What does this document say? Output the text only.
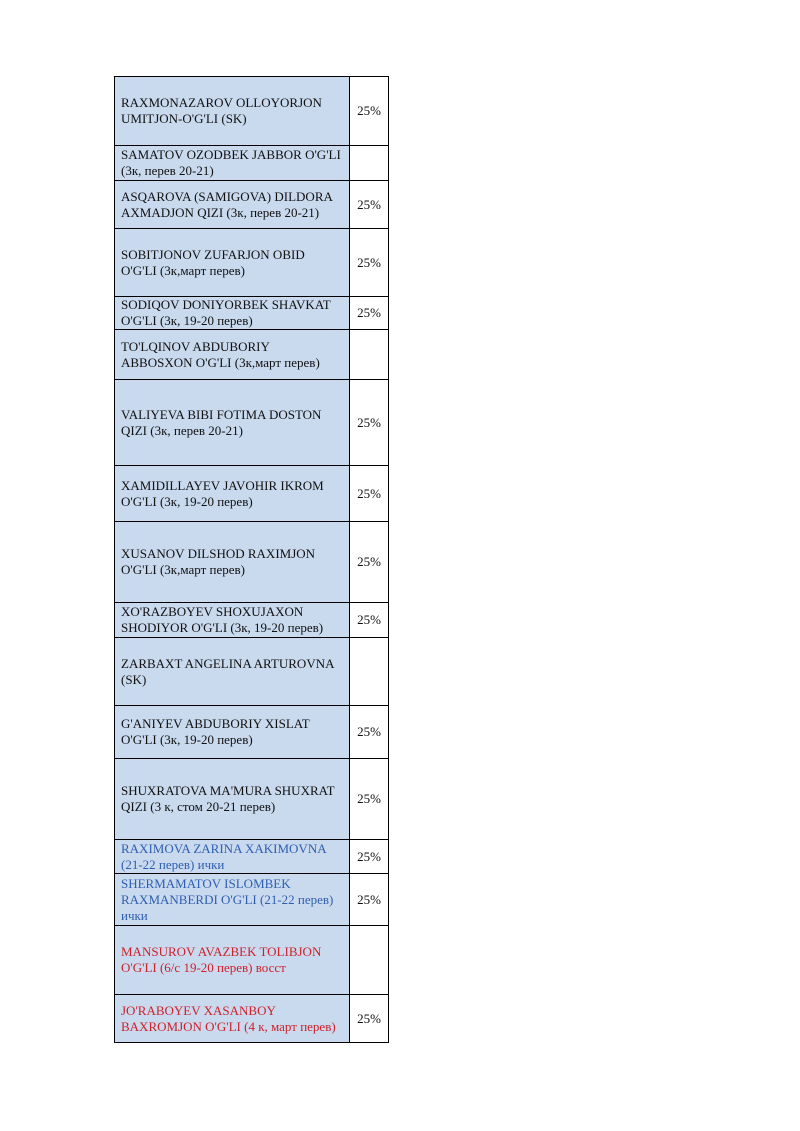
RAXMONAZAROV OLLOYORJON UMITJON-O'G'LI (SK)	25%
SAMATOV OZODBEK JABBOR O'G'LI (3к, перев 20-21)	
ASQAROVA (SAMIGOVA) DILDORA AXMADJON QIZI (3к, перев 20-21)	25%
SOBITJONOV ZUFARJON OBID O'G'LI (3к,март перев)	25%
SODIQOV DONIYORBEK SHAVKAT O'G'LI (3к, 19-20 перев)	25%
TO'LQINOV ABDUBORIY ABBOSXON O'G'LI (3к,март перев)	
VALIYEVA BIBI FOTIMA DOSTON QIZI (3к, перев 20-21)	25%
XAMIDILLAYEV JAVOHIR IKROM O'G'LI (3к, 19-20 перев)	25%
XUSANOV DILSHOD RAXIMJON O'G'LI (3к,март перев)	25%
XO'RAZBOYEV SHOXUJAXON SHODIYOR O'G'LI (3к, 19-20 перев)	25%
ZARBAXT ANGELINA ARTUROVNA (SK)	
G'ANIYEV ABDUBORIY XISLAT O'G'LI (3к, 19-20 перев)	25%
SHUXRATOVA MA'MURA SHUXRAT QIZI (3 к, стом 20-21 перев)	25%
RAXIMOVA ZARINA XAKIMOVNA (21-22 перев) ички	25%
SHERMAMATOV ISLOMBEK RAXMANBERDI O'G'LI (21-22 перев) ички	25%
MANSUROV AVAZBEK TOLIBJON O'G'LI (6/с 19-20 перев) восст	
JO'RABOYEV XASANBOY BAXROMJON O'G'LI (4 к, март перев)	25%
